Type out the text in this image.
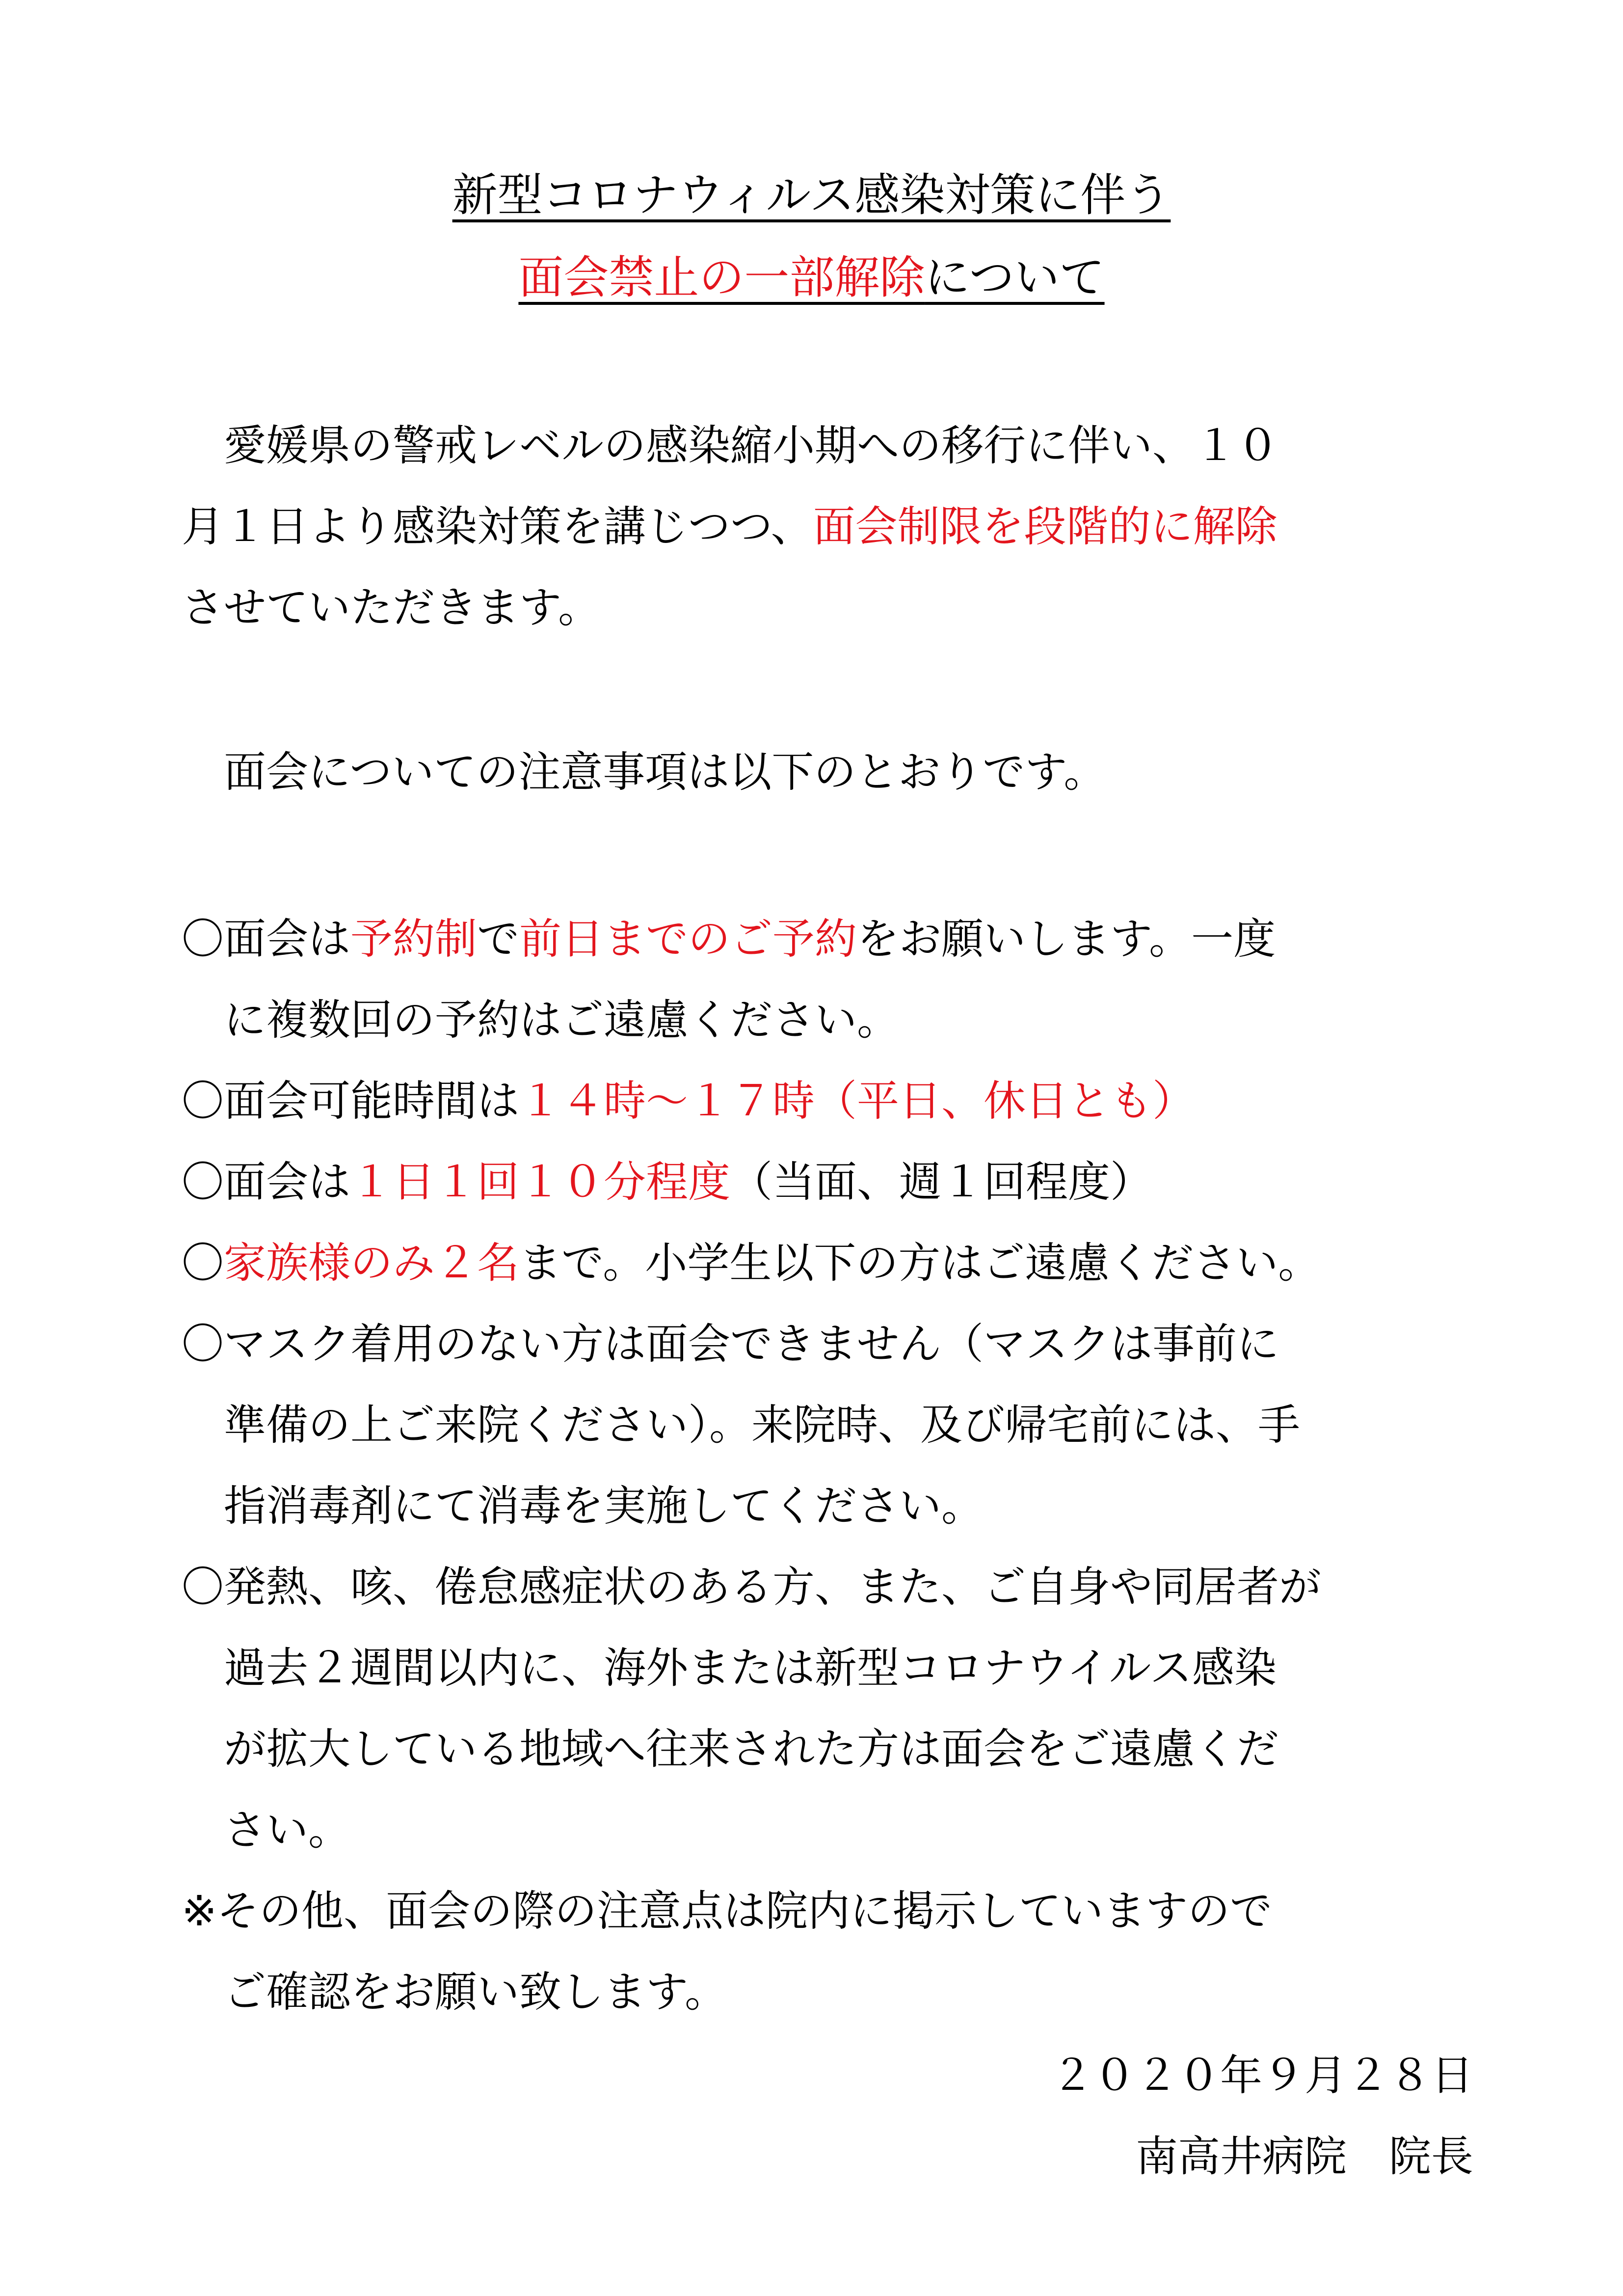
新型コロナウィルス感染対策に伴う
面会禁止の一部解除について
　愛媛県の警戒レベルの感染縮小期への移行に伴い、１０
月１日より感染対策を講じつつ、面会制限を段階的に解除
させていただきます。
　面会についての注意事項は以下のとおりです。
〇面会は予約制で前日までのご予約をお願いします。一度
　に複数回の予約はご遠慮ください。
〇面会可能時間は１４時～１７時（平日、休日とも）
〇面会は１日１回１０分程度（当面、週１回程度）
〇家族様のみ２名まで。小学生以下の方はご遠慮ください。
〇マスク着用のない方は面会できません（マスクは事前に
　準備の上ご来院ください）。来院時、及び帰宅前には、手
　指消毒剤にて消毒を実施してください。
〇発熱、咳、倦怠感症状のある方、また、ご自身や同居者が
　過去２週間以内に、海外または新型コロナウイルス感染
　が拡大している地域へ往来された方は面会をご遠慮くだ
　さい。
※その他、面会の際の注意点は院内に掲示していますので
　ご確認をお願い致します。
２０２０年９月２８日
南高井病院　院長
